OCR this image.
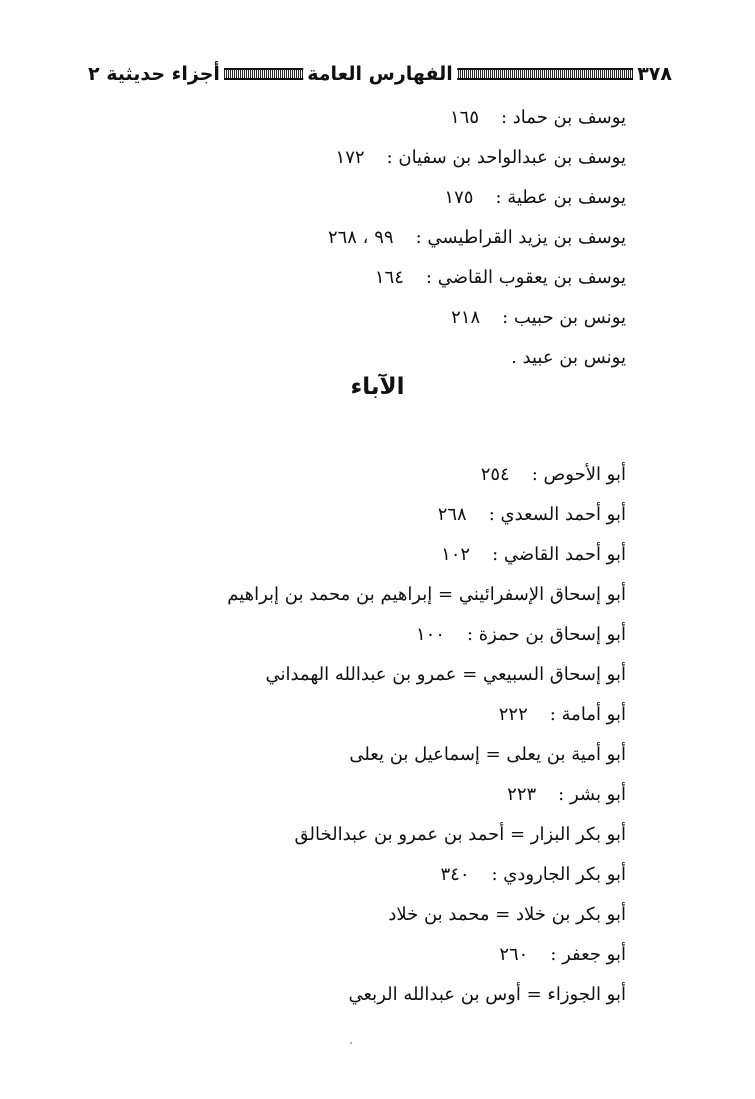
٣٧٨
الفهارس العامة
أجزاء حديثية ٢
يوسف بن حماد :١٦٥
يوسف بن عبدالواحد بن سفيان :١٧٢
يوسف بن عطية :١٧٥
يوسف بن يزيد القراطيسي :٩٩ ، ٢٦٨
يوسف بن يعقوب القاضي :١٦٤
يونس بن حبيب :٢١٨
يونس بن عبيد .
الآباء
أبو الأحوص :٢٥٤
أبو أحمد السعدي :٢٦٨
أبو أحمد القاضي :١٠٢
أبو إسحاق الإسفرائيني = إبراهيم بن محمد بن إبراهيم
أبو إسحاق بن حمزة :١٠٠
أبو إسحاق السبيعي = عمرو بن عبدالله الهمداني
أبو أمامة :٢٢٢
أبو أمية بن يعلى = إسماعيل بن يعلى
أبو بشر :٢٢٣
أبو بكر البزار = أحمد بن عمرو بن عبدالخالق
أبو بكر الجارودي :٣٤٠
أبو بكر بن خلاد = محمد بن خلاد
أبو جعفر :٢٦٠
أبو الجوزاء = أوس بن عبدالله الربعي
